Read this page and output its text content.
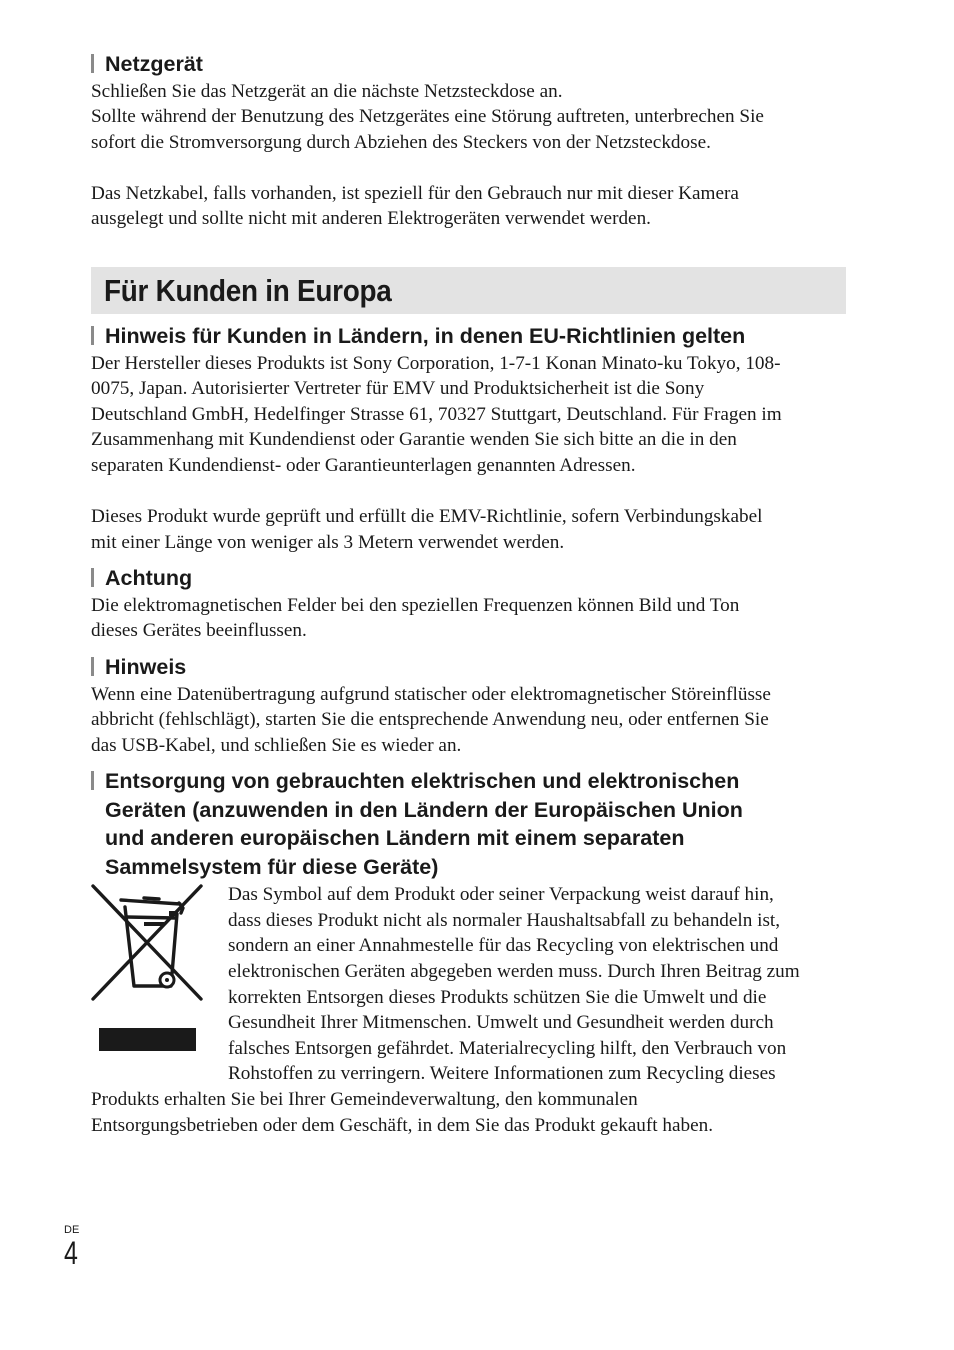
Netzgerät
Schließen Sie das Netzgerät an die nächste Netzsteckdose an.
Sollte während der Benutzung des Netzgerätes eine Störung auftreten, unterbrechen Sie
sofort die Stromversorgung durch Abziehen des Steckers von der Netzsteckdose.
Das Netzkabel, falls vorhanden, ist speziell für den Gebrauch nur mit dieser Kamera
ausgelegt und sollte nicht mit anderen Elektrogeräten verwendet werden.
Für Kunden in Europa
Hinweis für Kunden in Ländern, in denen EU-Richtlinien gelten
Der Hersteller dieses Produkts ist Sony Corporation, 1-7-1 Konan Minato-ku Tokyo, 108-
0075, Japan. Autorisierter Vertreter für EMV und Produktsicherheit ist die Sony
Deutschland GmbH, Hedelfinger Strasse 61, 70327 Stuttgart, Deutschland. Für Fragen im
Zusammenhang mit Kundendienst oder Garantie wenden Sie sich bitte an die in den
separaten Kundendienst- oder Garantieunterlagen genannten Adressen.
Dieses Produkt wurde geprüft und erfüllt die EMV-Richtlinie, sofern Verbindungskabel
mit einer Länge von weniger als 3 Metern verwendet werden.
Achtung
Die elektromagnetischen Felder bei den speziellen Frequenzen können Bild und Ton
dieses Gerätes beeinflussen.
Hinweis
Wenn eine Datenübertragung aufgrund statischer oder elektromagnetischer Störeinflüsse
abbricht (fehlschlägt), starten Sie die entsprechende Anwendung neu, oder entfernen Sie
das USB-Kabel, und schließen Sie es wieder an.
Entsorgung von gebrauchten elektrischen und elektronischen
Geräten (anzuwenden in den Ländern der Europäischen Union
und anderen europäischen Ländern mit einem separaten
Sammelsystem für diese Geräte)
Das Symbol auf dem Produkt oder seiner Verpackung weist darauf hin,
dass dieses Produkt nicht als normaler Haushaltsabfall zu behandeln ist,
sondern an einer Annahmestelle für das Recycling von elektrischen und
elektronischen Geräten abgegeben werden muss. Durch Ihren Beitrag zum
korrekten Entsorgen dieses Produkts schützen Sie die Umwelt und die
Gesundheit Ihrer Mitmenschen. Umwelt und Gesundheit werden durch
falsches Entsorgen gefährdet. Materialrecycling hilft, den Verbrauch von
Rohstoffen zu verringern. Weitere Informationen zum Recycling dieses
Produkts erhalten Sie bei Ihrer Gemeindeverwaltung, den kommunalen
Entsorgungsbetrieben oder dem Geschäft, in dem Sie das Produkt gekauft haben.
DE
4
